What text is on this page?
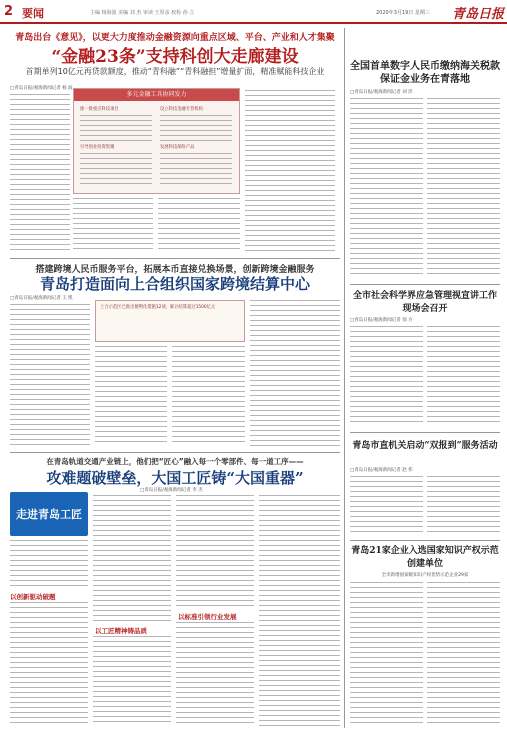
2 要闻	主编 杨海波 美编 刘 杰 审读 王厚彦 校检 孙 立	2020年3月19日 星期三 青岛日报
青岛出台《意见》，以更大力度推动金融资源向重点区域、平台、产业和人才集聚
“金融23条”支持科创大走廊建设
首期单列10亿元再贷款额度，推动“青科融”“青科融担”增量扩面，精准赋能科技企业
□青岛日报/观海新闻记者 杨 波
多元金融工具协同发力
推一批重点科技项目	设立科技金融专营机构
引导创业投资集聚	发展科技保险产品
搭建跨境人民币服务平台，拓展本币直接兑换场景，创新跨境金融服务
青岛打造面向上合组织国家跨境结算中心
□青岛日报/观海新闻记者 王 凯
上合示范区已推出便利化措施12项，累计结算超过1500亿元
在青岛轨道交通产业链上，他们把“匠心”融入每一个零部件、每一道工序——
攻难题破壁垒，大国工匠铸“大国重器”
□青岛日报/观海新闻记者 李 杰
走进青岛工匠
以创新驱动破题
以工匠精神铸品质
以标准引领行业发展
全国首单数字人民币缴纳海关税款保证金业务在青落地
□青岛日报/观海新闻记者 刘 洋
全市社会科学界应急管理视宣讲工作现场会召开
□青岛日报/观海新闻记者 徐 方
青岛市直机关启动“双报到”服务活动
□青岛日报/观海新闻记者 赵 伟
青岛21家企业入选国家知识产权示范创建单位
全市新增国家级知识产权优势示范企业29家
